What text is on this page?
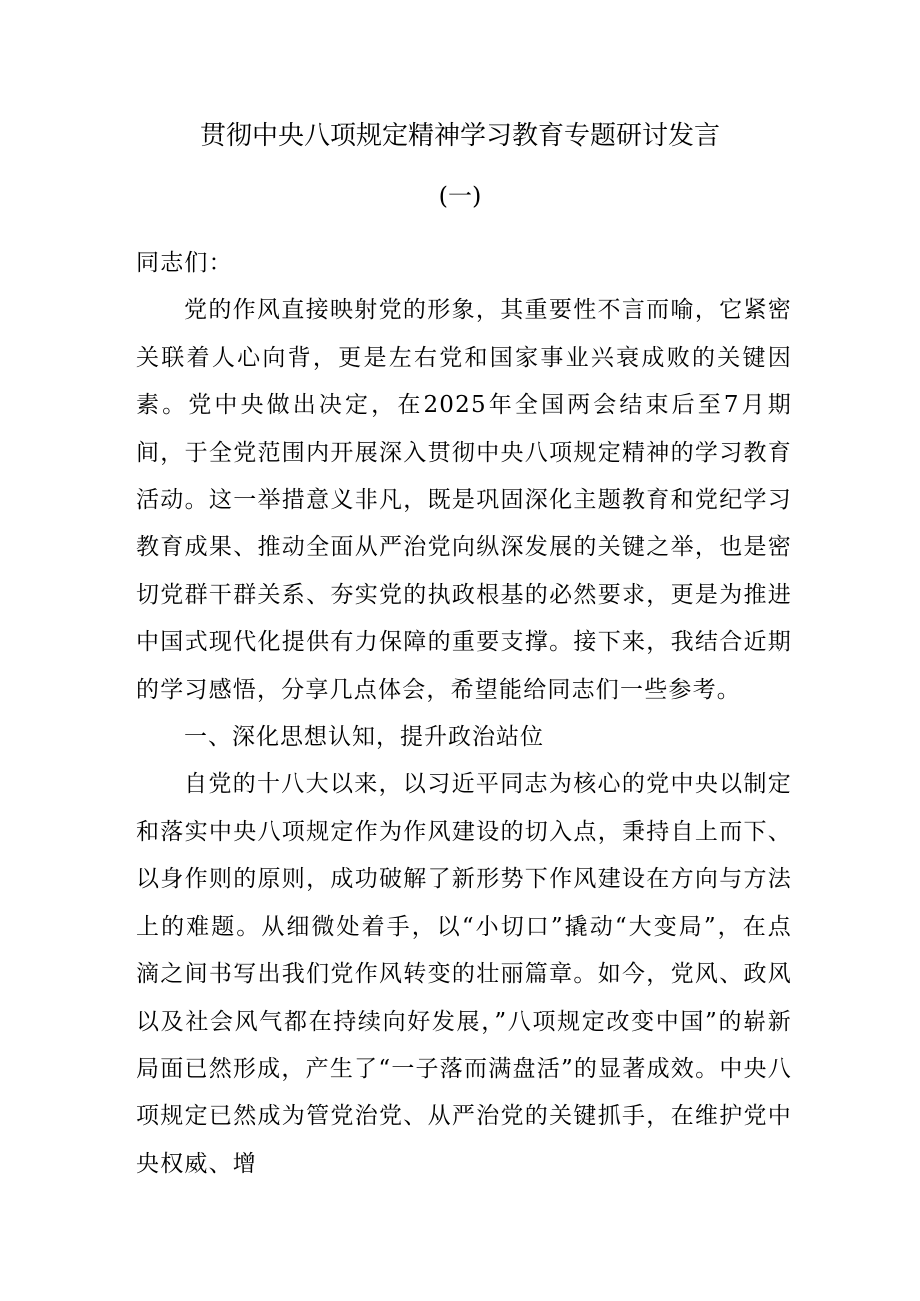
贯彻中央八项规定精神学习教育专题研讨发言
(一)

同志们：

党的作风直接映射党的形象，其重要性不言而喻，它紧密关联着人心向背，更是左右党和国家事业兴衰成败的关键因素。党中央做出决定，在2025年全国两会结束后至7月期间，于全党范围内开展深入贯彻中央八项规定精神的学习教育活动。这一举措意义非凡，既是巩固深化主题教育和党纪学习教育成果、推动全面从严治党向纵深发展的关键之举，也是密切党群干群关系、夯实党的执政根基的必然要求，更是为推进中国式现代化提供有力保障的重要支撑。接下来，我结合近期的学习感悟，分享几点体会，希望能给同志们一些参考。

一、深化思想认知，提升政治站位

自党的十八大以来，以习近平同志为核心的党中央以制定和落实中央八项规定作为作风建设的切入点，秉持自上而下、以身作则的原则，成功破解了新形势下作风建设在方向与方法上的难题。从细微处着手，以“小切口”撬动“大变局”，在点滴之间书写出我们党作风转变的壮丽篇章。如今，党风、政风以及社会风气都在持续向好发展，”八项规定改变中国”的崭新局面已然形成，产生了“一子落而满盘活”的显著成效。中央八项规定已然成为管党治党、从严治党的关键抓手，在维护党中央权威、增
